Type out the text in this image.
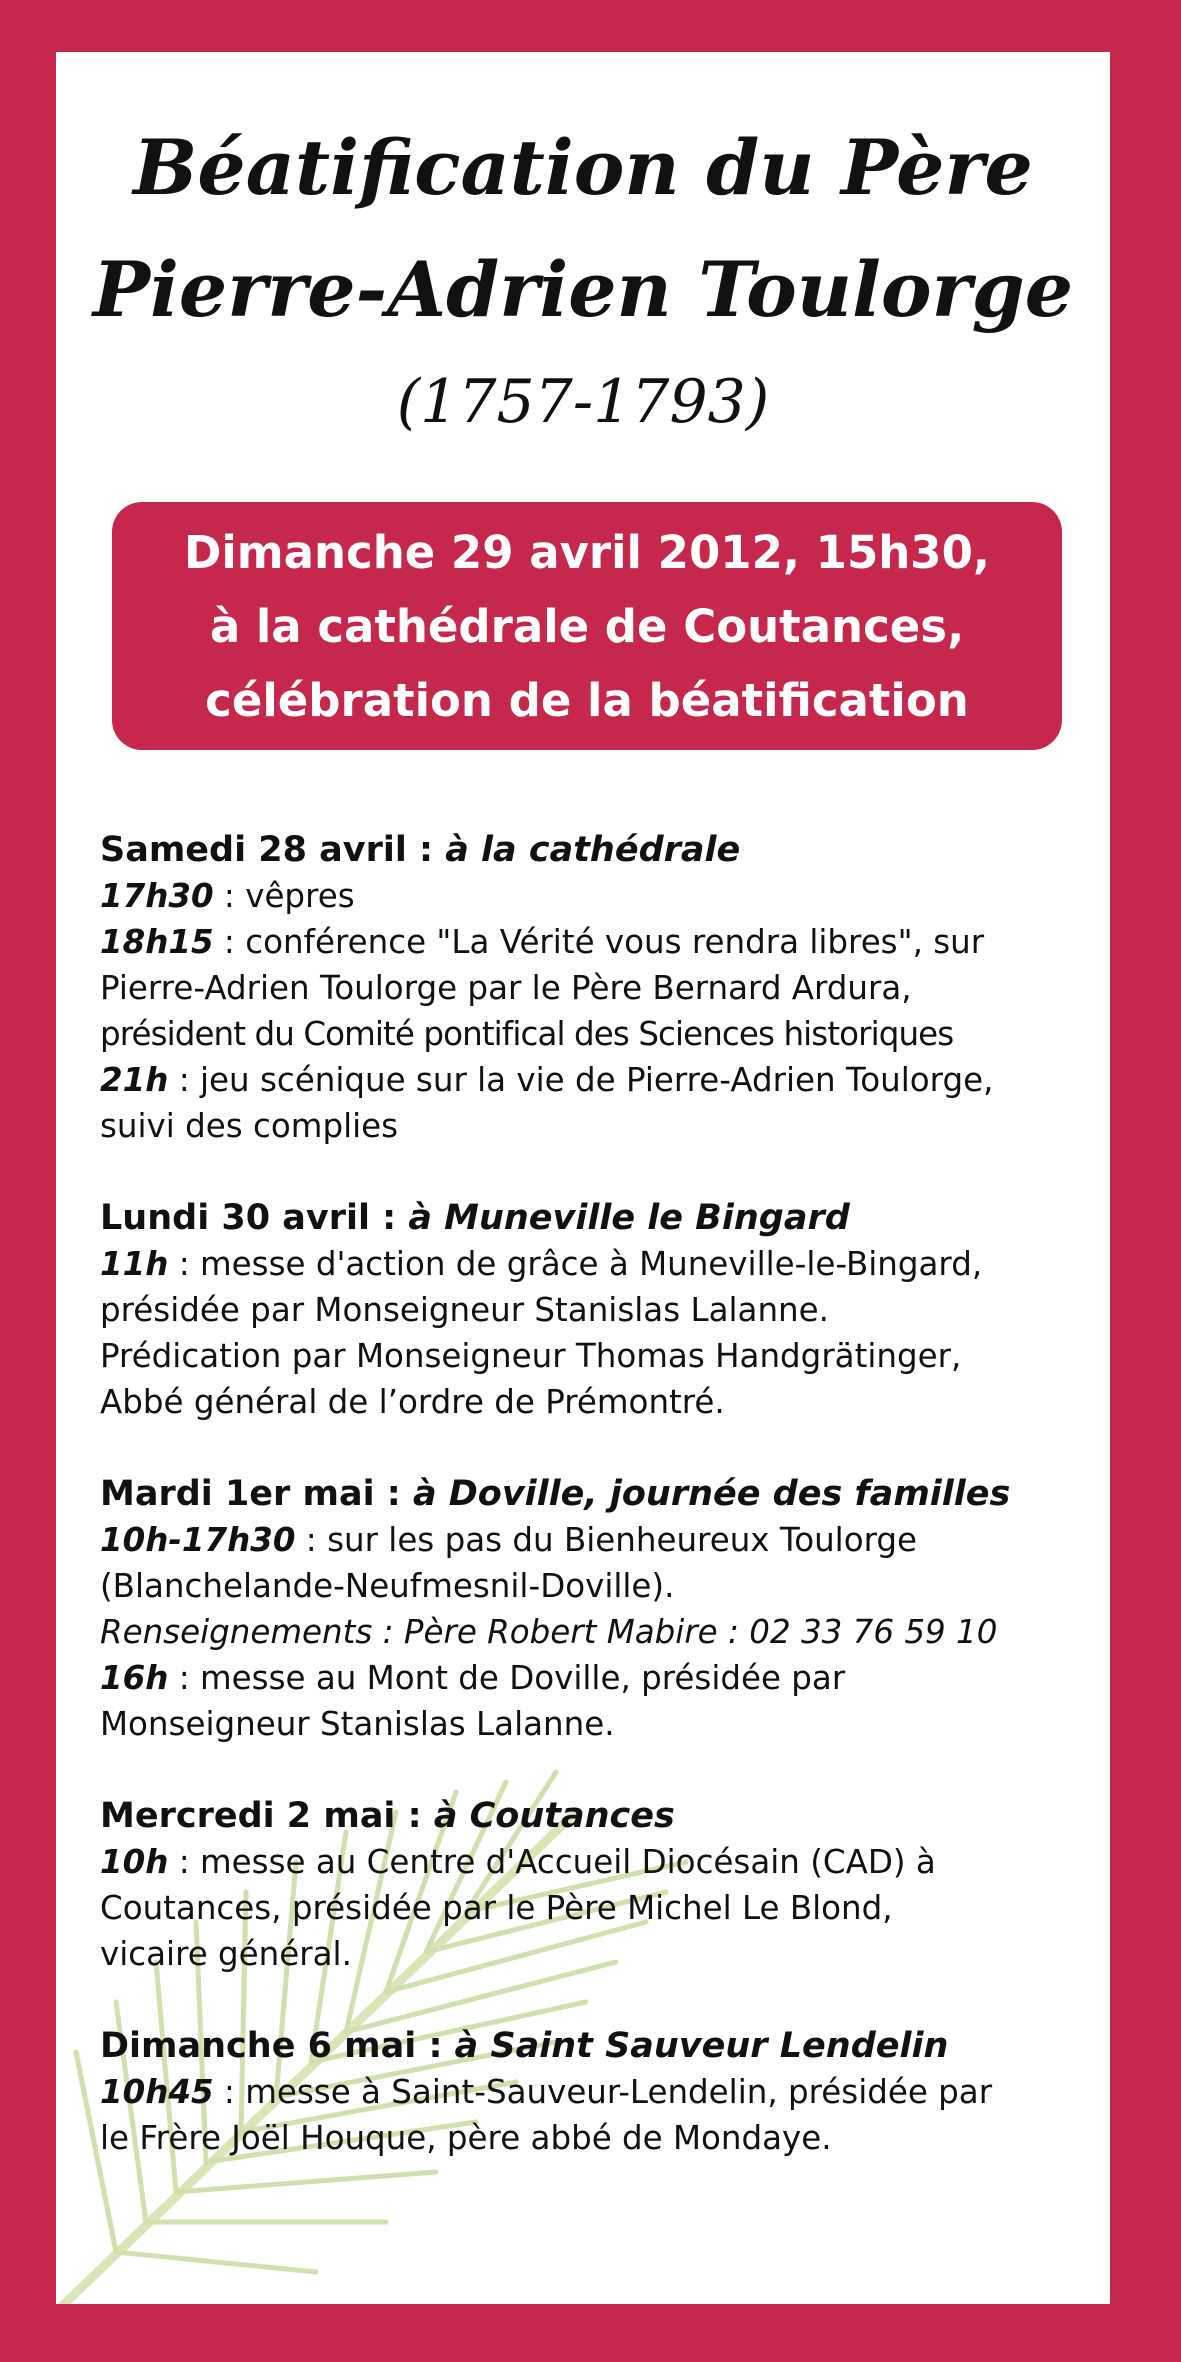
Béatification du Père
Pierre-Adrien Toulorge
(1757-1793)
Dimanche 29 avril 2012, 15h30,
à la cathédrale de Coutances,
célébration de la béatification
Samedi 28 avril : à la cathédrale
17h30 : vêpres
18h15 : conférence "La Vérité vous rendra libres", sur
Pierre-Adrien Toulorge par le Père Bernard Ardura,
président du Comité pontifical des Sciences historiques
21h : jeu scénique sur la vie de Pierre-Adrien Toulorge,
suivi des complies
Lundi 30 avril : à Muneville le Bingard
11h : messe d'action de grâce à Muneville-le-Bingard,
présidée par Monseigneur Stanislas Lalanne.
Prédication par Monseigneur Thomas Handgrätinger,
Abbé général de l’ordre de Prémontré.
Mardi 1er mai : à Doville, journée des familles
10h-17h30 : sur les pas du Bienheureux Toulorge
(Blanchelande-Neufmesnil-Doville).
Renseignements : Père Robert Mabire : 02 33 76 59 10
16h : messe au Mont de Doville, présidée par
Monseigneur Stanislas Lalanne.
Mercredi 2 mai : à Coutances
10h : messe au Centre d'Accueil Diocésain (CAD) à
Coutances, présidée par le Père Michel Le Blond,
vicaire général.
Dimanche 6 mai : à Saint Sauveur Lendelin
10h45 : messe à Saint-Sauveur-Lendelin, présidée par
le Frère Joël Houque, père abbé de Mondaye.
